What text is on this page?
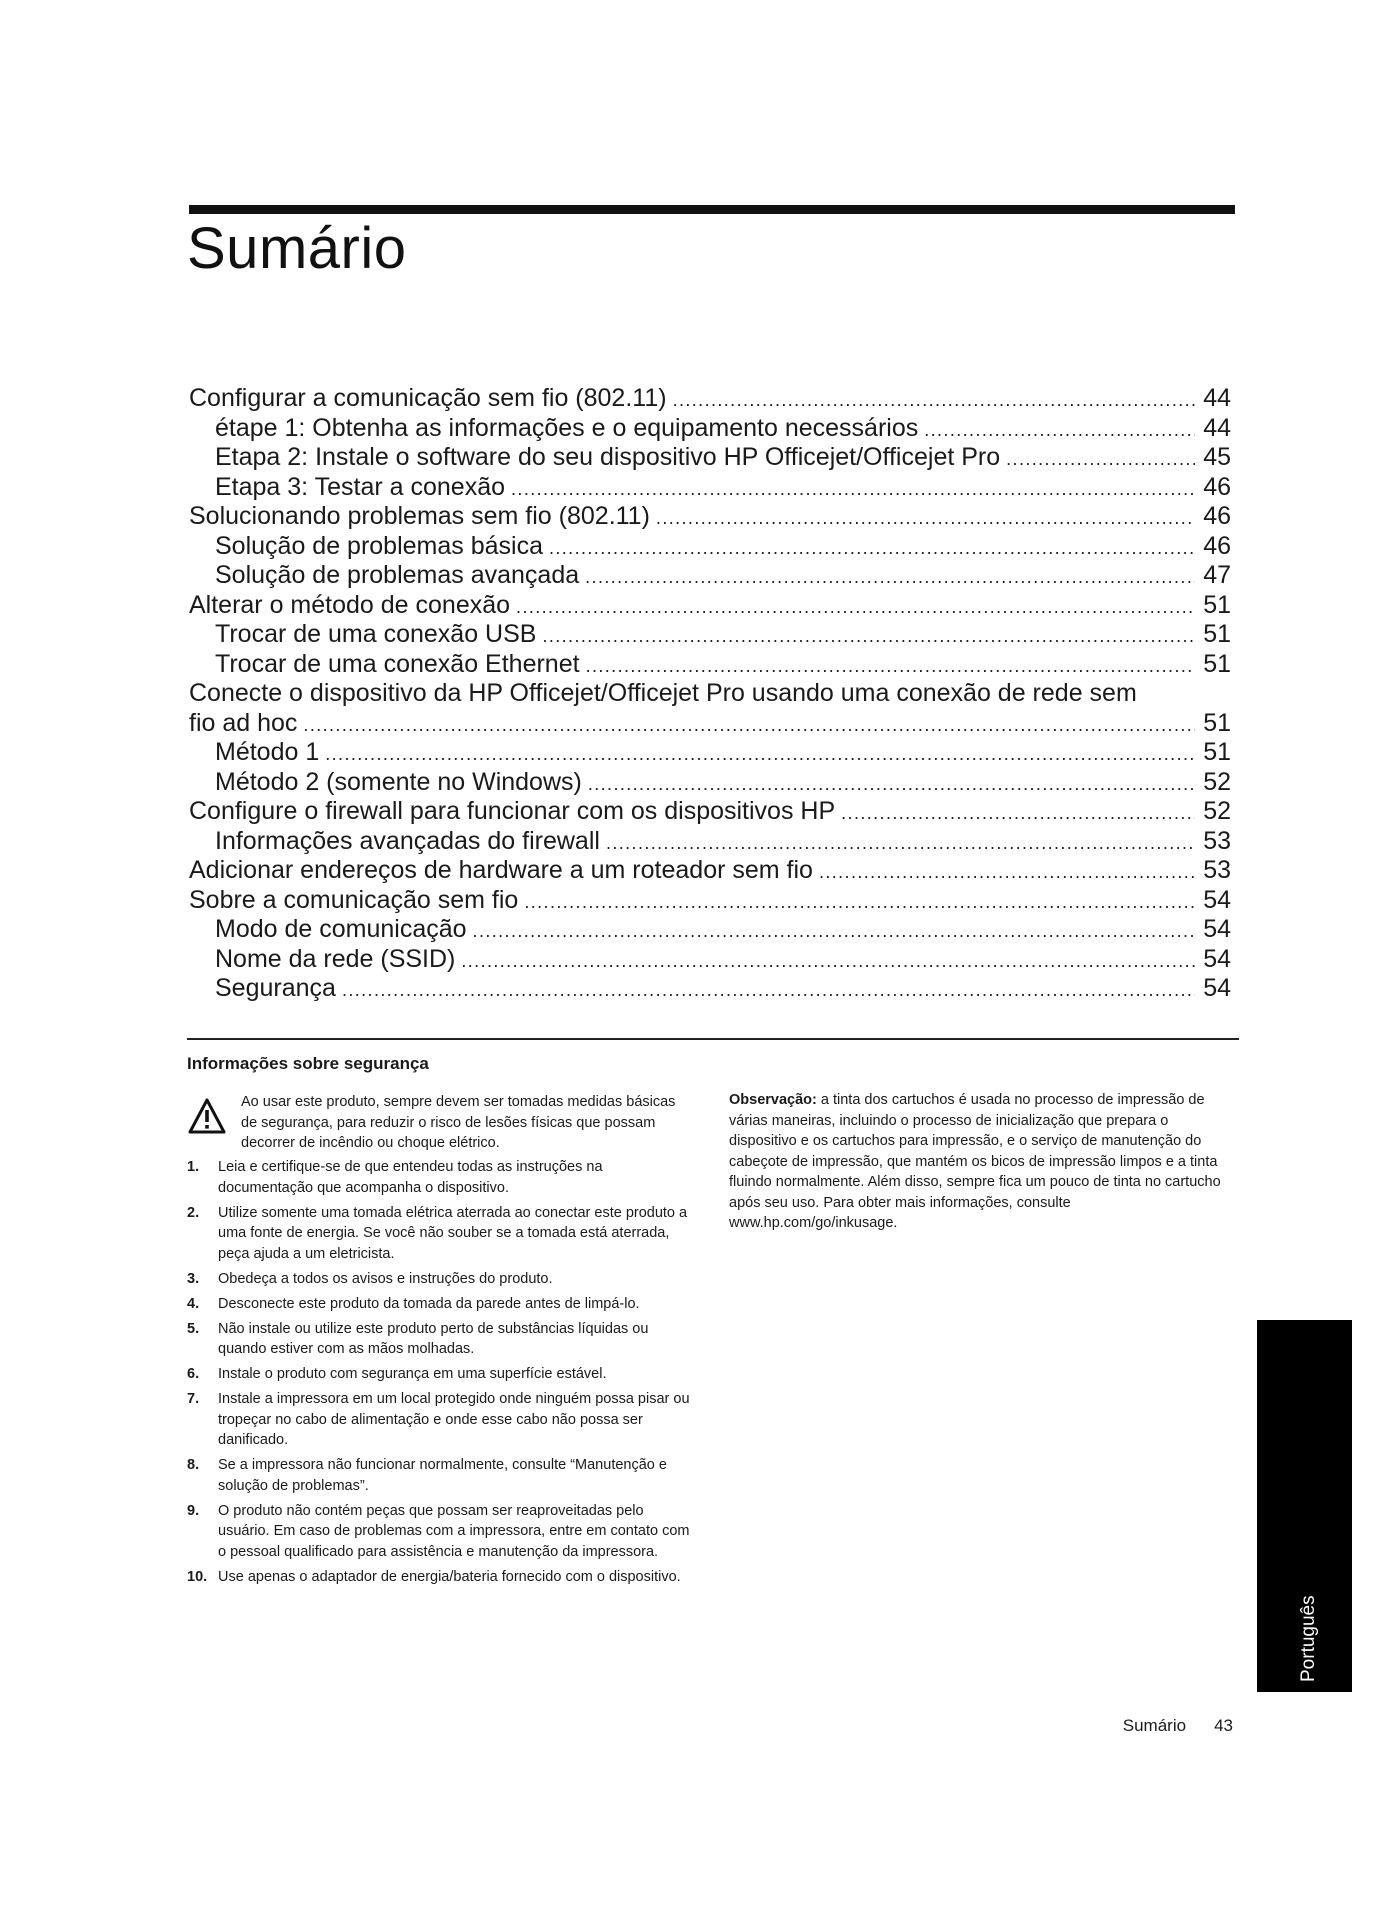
Sumário
Configurar a comunicação sem fio (802.11) .....	44
étape 1: Obtenha as informações e o equipamento necessários .....	44
Etapa 2: Instale o software do seu dispositivo HP Officejet/Officejet Pro .....	45
Etapa 3: Testar a conexão .....	46
Solucionando problemas sem fio (802.11) .....	46
Solução de problemas básica .....	46
Solução de problemas avançada .....	47
Alterar o método de conexão .....	51
Trocar de uma conexão USB .....	51
Trocar de uma conexão Ethernet .....	51
Conecte o dispositivo da HP Officejet/Officejet Pro usando uma conexão de rede sem
fio ad hoc .....	51
Método 1 .....	51
Método 2 (somente no Windows) .....	52
Configure o firewall para funcionar com os dispositivos HP .....	52
Informações avançadas do firewall .....	53
Adicionar endereços de hardware a um roteador sem fio .....	53
Sobre a comunicação sem fio .....	54
Modo de comunicação .....	54
Nome da rede (SSID) .....	54
Segurança .....	54
Informações sobre segurança
Ao usar este produto, sempre devem ser tomadas medidas básicas de segurança, para reduzir o risco de lesões físicas que possam decorrer de incêndio ou choque elétrico.
1.	Leia e certifique-se de que entendeu todas as instruções na documentação que acompanha o dispositivo.
2.	Utilize somente uma tomada elétrica aterrada ao conectar este produto a uma fonte de energia. Se você não souber se a tomada está aterrada, peça ajuda a um eletricista.
3.	Obedeça a todos os avisos e instruções do produto.
4.	Desconecte este produto da tomada da parede antes de limpá-lo.
5.	Não instale ou utilize este produto perto de substâncias líquidas ou quando estiver com as mãos molhadas.
6.	Instale o produto com segurança em uma superfície estável.
7.	Instale a impressora em um local protegido onde ninguém possa pisar ou tropeçar no cabo de alimentação e onde esse cabo não possa ser danificado.
8.	Se a impressora não funcionar normalmente, consulte “Manutenção e solução de problemas”.
9.	O produto não contém peças que possam ser reaproveitadas pelo usuário. Em caso de problemas com a impressora, entre em contato com o pessoal qualificado para assistência e manutenção da impressora.
10. Use apenas o adaptador de energia/bateria fornecido com o dispositivo.
Observação: a tinta dos cartuchos é usada no processo de impressão de várias maneiras, incluindo o processo de inicialização que prepara o dispositivo e os cartuchos para impressão, e o serviço de manutenção do cabeçote de impressão, que mantém os bicos de impressão limpos e a tinta fluindo normalmente. Além disso, sempre fica um pouco de tinta no cartucho após seu uso. Para obter mais informações, consulte www.hp.com/go/inkusage.
Português
Sumário 43
